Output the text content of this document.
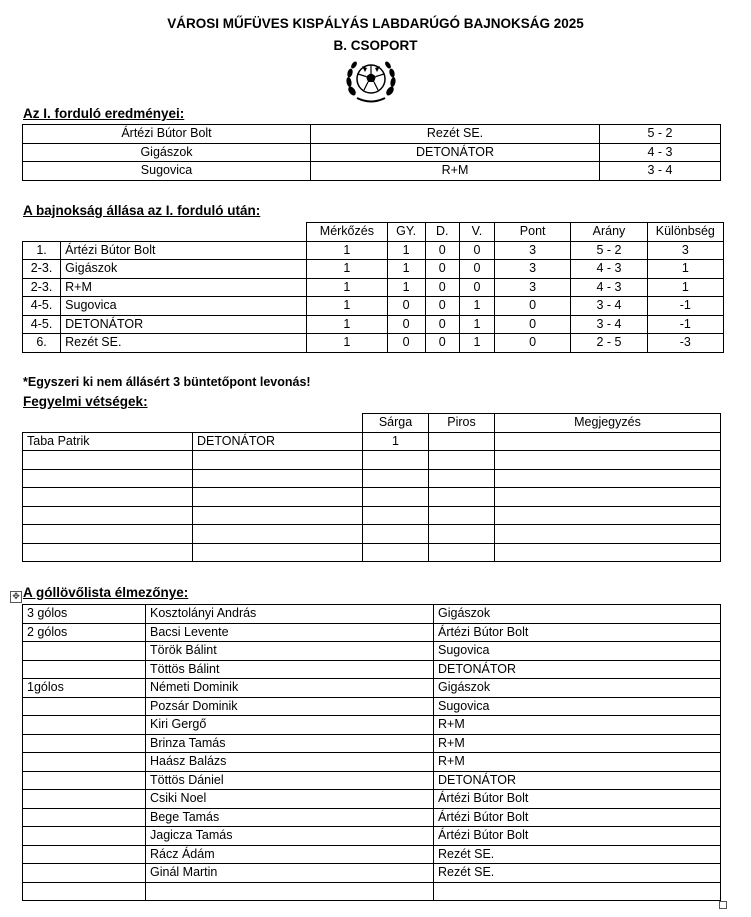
VÁROSI MŰFÜVES KISPÁLYÁS LABDARÚGÓ BAJNOKSÁG 2025
B. CSOPORT
Az I. forduló eredményei:
Ártézi Bútor Bolt	Rezét SE.	5 - 2
Gigászok	DETONÁTOR	4 - 3
Sugovica	R+M	3 - 4
A bajnokság állása az I. forduló után:
		Mérkőzés	GY.	D.	V.	Pont	Arány	Különbség
1.	Ártézi Bútor Bolt	1	1	0	0	3	5 - 2	3
2-3.	Gigászok	1	1	0	0	3	4 - 3	1
2-3.	R+M	1	1	0	0	3	4 - 3	1
4-5.	Sugovica	1	0	0	1	0	3 - 4	-1
4-5.	DETONÁTOR	1	0	0	1	0	3 - 4	-1
6.	Rezét SE.	1	0	0	1	0	2 - 5	-3
*Egyszeri ki nem állásért 3 büntetőpont levonás!
Fegyelmi vétségek:
		Sárga	Piros	Megjegyzés
Taba Patrik	DETONÁTOR	1		

✥ A góllövőlista élmezőnye:
3 gólos	Kosztolányi András	Gigászok
2 gólos	Bacsi Levente	Ártézi Bútor Bolt
	Török Bálint	Sugovica
	Töttös Bálint	DETONÁTOR
1gólos	Németi Dominik	Gigászok
	Pozsár Dominik	Sugovica
	Kiri Gergő	R+M
	Brinza Tamás	R+M
	Haász Balázs	R+M
	Töttös Dániel	DETONÁTOR
	Csiki Noel	Ártézi Bútor Bolt
	Bege Tamás	Ártézi Bútor Bolt
	Jagicza Tamás	Ártézi Bútor Bolt
	Rácz Ádám	Rezét SE.
	Ginál Martin	Rezét SE.
